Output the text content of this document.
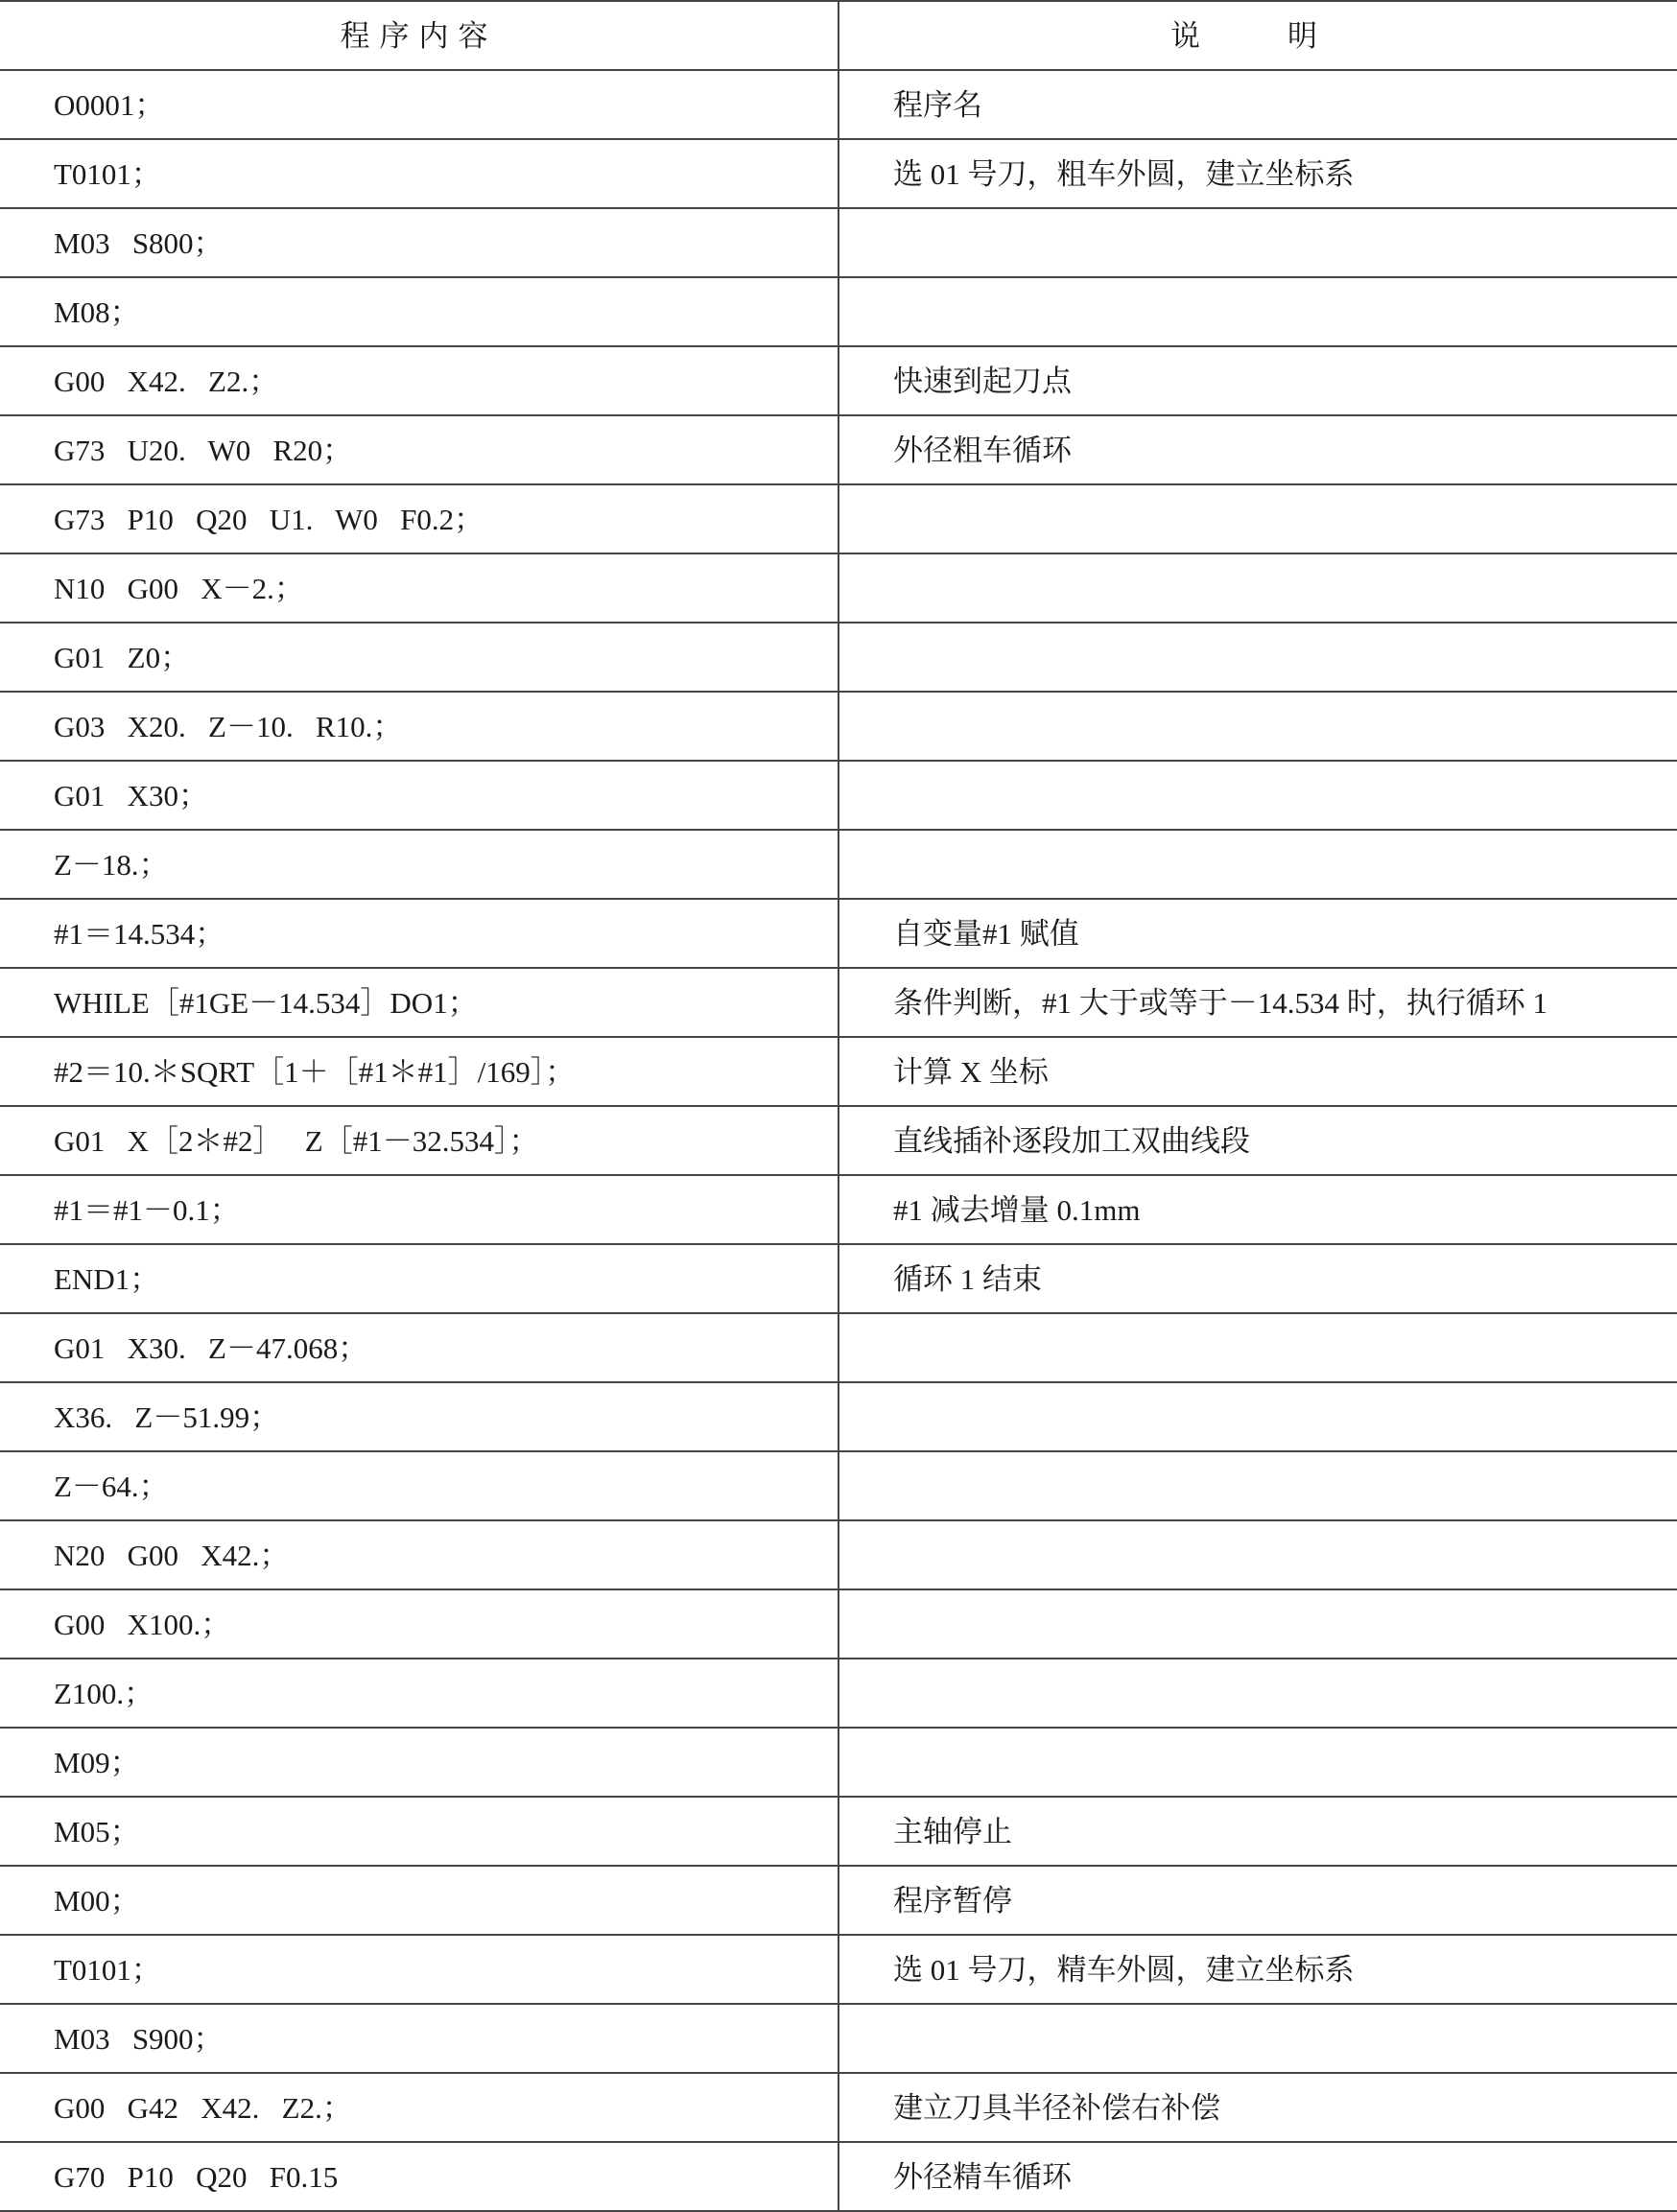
程序内容	说　明
O0001；	程序名
T0101；	选 01 号刀，粗车外圆，建立坐标系
M03   S800；	
M08；	
G00   X42.   Z2.；	快速到起刀点
G73   U20.   W0   R20；	外径粗车循环
G73   P10   Q20   U1.   W0   F0.2；	
N10   G00   X－2.；	
G01   Z0；	
G03   X20.   Z－10.   R10.；	
G01   X30；	
Z－18.；	
#1＝14.534；	自变量#1 赋值
WHILE［#1GE－14.534］DO1；	条件判断，#1 大于或等于－14.534 时，执行循环 1
#2＝10.＊SQRT［1＋［#1＊#1］/169］；	计算 X 坐标
G01   X［2＊#2］   Z［#1－32.534］；	直线插补逐段加工双曲线段
#1＝#1－0.1；	#1 减去增量 0.1mm
END1；	循环 1 结束
G01   X30.   Z－47.068；	
X36.   Z－51.99；	
Z－64.；	
N20   G00   X42.；	
G00   X100.；	
Z100.；	
M09；	
M05；	主轴停止
M00；	程序暂停
T0101；	选 01 号刀，精车外圆，建立坐标系
M03   S900；	
G00   G42   X42.   Z2.；	建立刀具半径补偿右补偿
G70   P10   Q20   F0.15	外径精车循环
